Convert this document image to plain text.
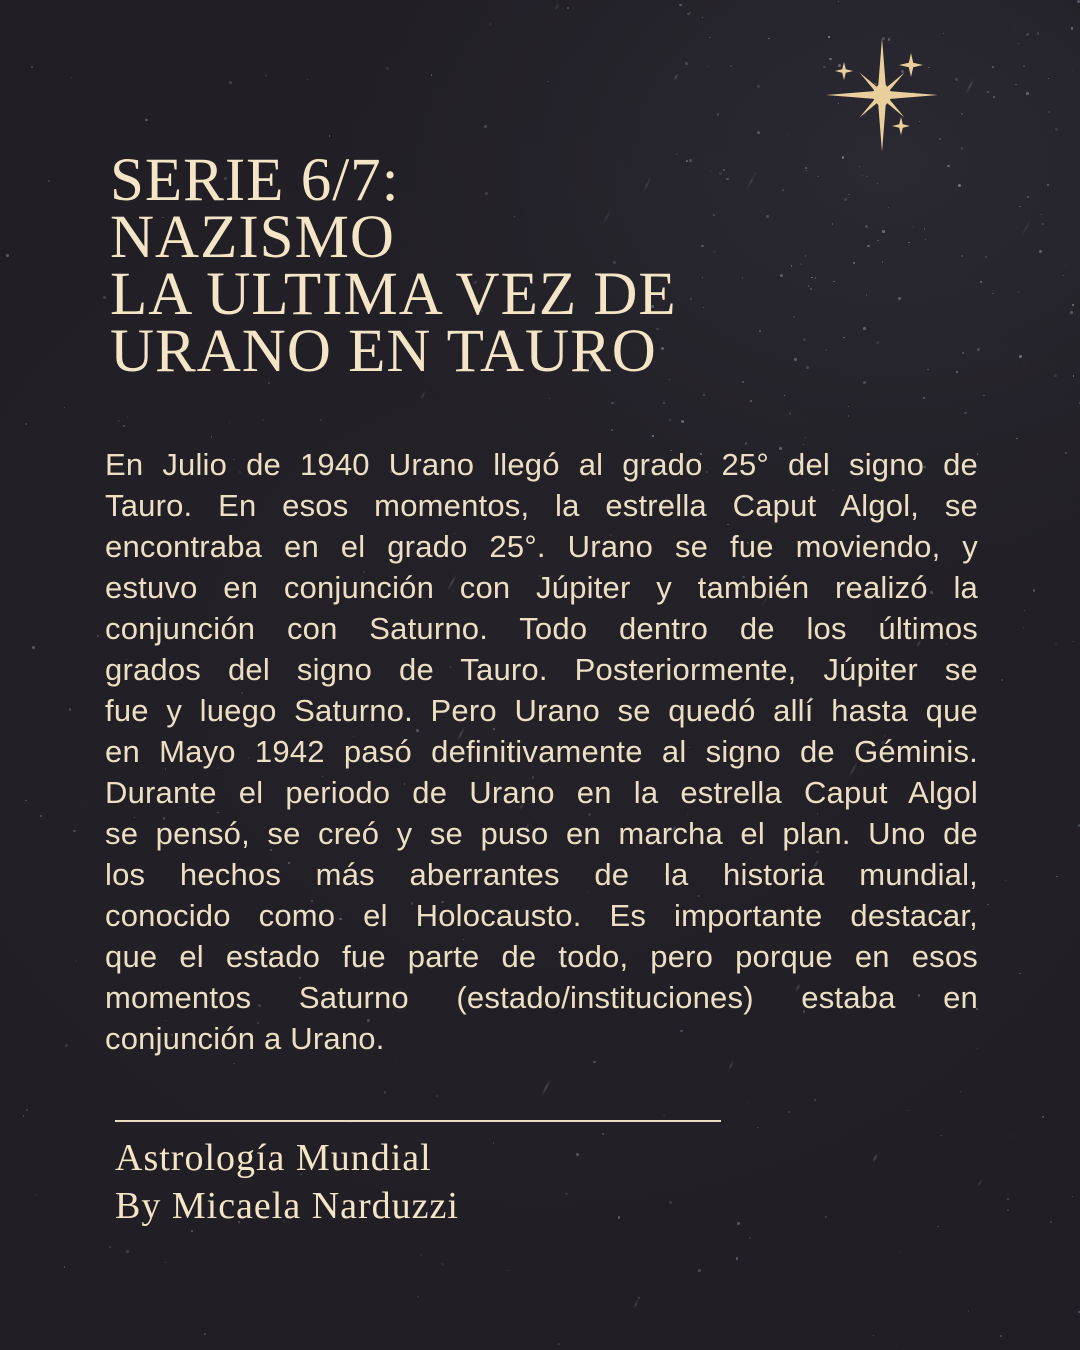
SERIE 6/7:
NAZISMO
LA ULTIMA VEZ DE
URANO EN TAURO
En Julio de 1940 Urano llegó al grado 25° del signo de
Tauro. En esos momentos, la estrella Caput Algol, se
encontraba en el grado 25°. Urano se fue moviendo, y
estuvo en conjunción con Júpiter y también realizó la
conjunción con Saturno. Todo dentro de los últimos
grados del signo de Tauro. Posteriormente, Júpiter se
fue y luego Saturno. Pero Urano se quedó allí hasta que
en Mayo 1942 pasó definitivamente al signo de Géminis.
Durante el periodo de Urano en la estrella Caput Algol
se pensó, se creó y se puso en marcha el plan. Uno de
los hechos más aberrantes de la historia mundial,
conocido como el Holocausto. Es importante destacar,
que el estado fue parte de todo, pero porque en esos
momentos Saturno (estado/instituciones) estaba en
conjunción a Urano.
Astrología Mundial
By Micaela Narduzzi
